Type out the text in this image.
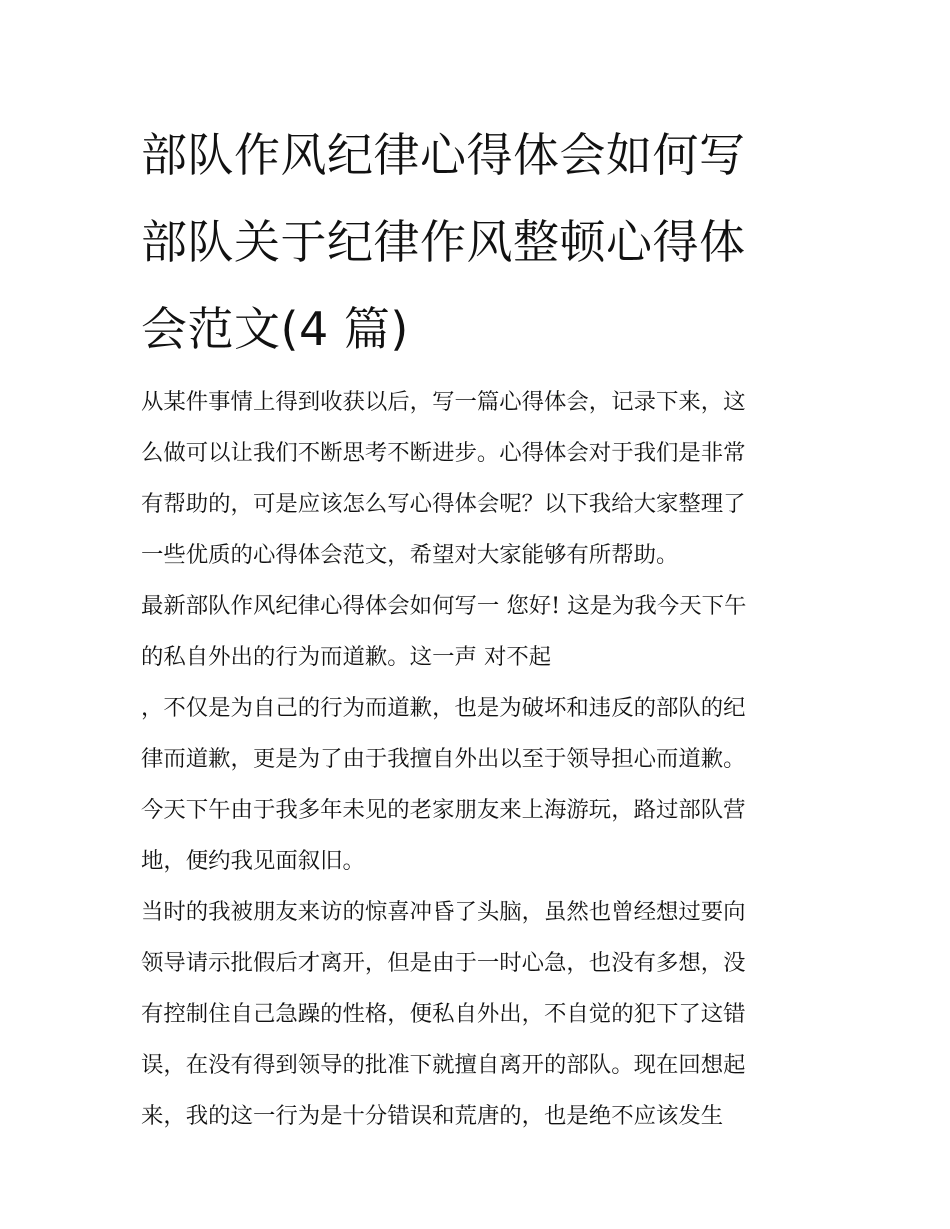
部队作风纪律心得体会如何写
部队关于纪律作风整顿心得体
会范文(4 篇)
从某件事情上得到收获以后，写一篇心得体会，记录下来，这
么做可以让我们不断思考不断进步。心得体会对于我们是非常
有帮助的，可是应该怎么写心得体会呢？以下我给大家整理了
一些优质的心得体会范文，希望对大家能够有所帮助。
最新部队作风纪律心得体会如何写一 您好! 这是为我今天下午
的私自外出的行为而道歉。这一声 对不起
，不仅是为自己的行为而道歉，也是为破坏和违反的部队的纪
律而道歉，更是为了由于我擅自外出以至于领导担心而道歉。
今天下午由于我多年未见的老家朋友来上海游玩，路过部队营
地，便约我见面叙旧。
当时的我被朋友来访的惊喜冲昏了头脑，虽然也曾经想过要向
领导请示批假后才离开，但是由于一时心急，也没有多想，没
有控制住自己急躁的性格，便私自外出，不自觉的犯下了这错
误，在没有得到领导的批准下就擅自离开的部队。现在回想起
来，我的这一行为是十分错误和荒唐的，也是绝不应该发生
